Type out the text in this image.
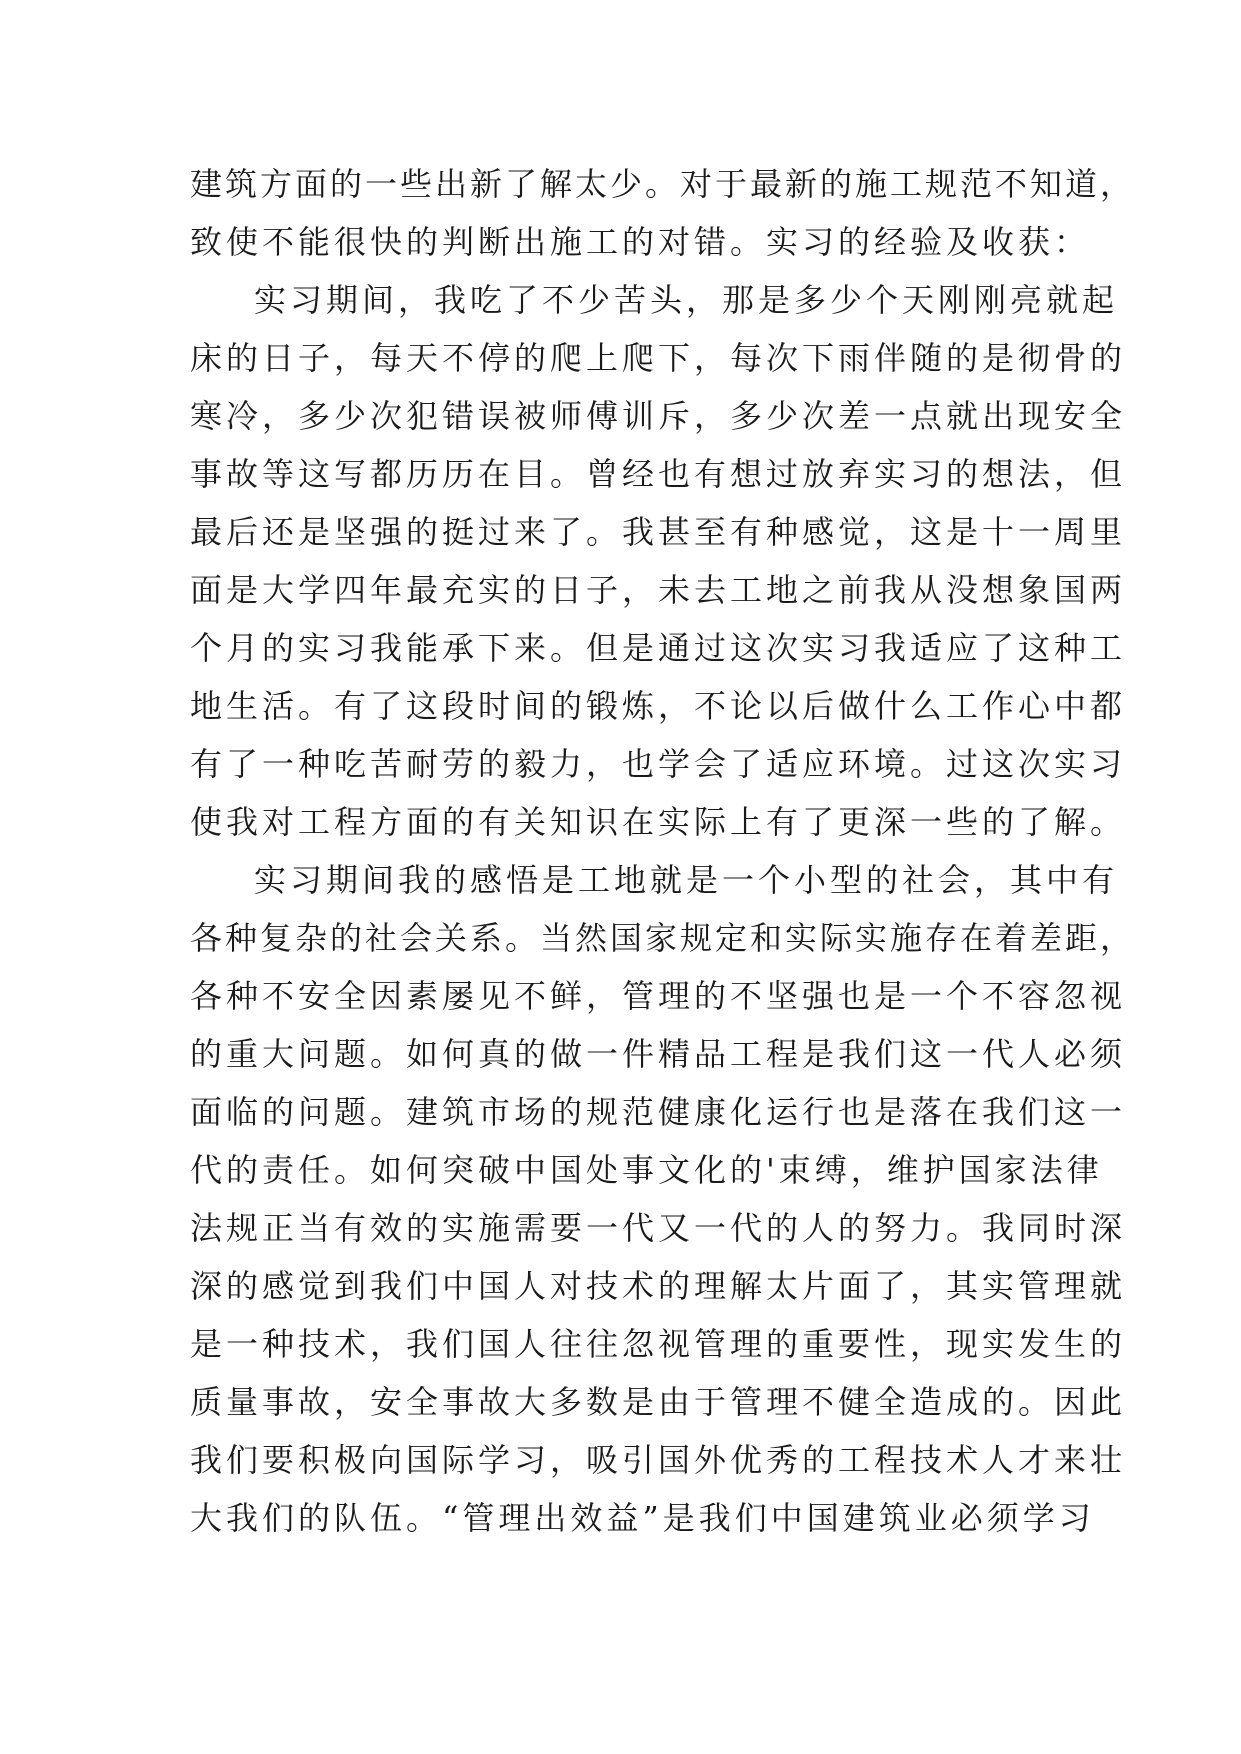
建筑方面的一些出新了解太少。对于最新的施工规范不知道，
致使不能很快的判断出施工的对错。实习的经验及收获：
实习期间，我吃了不少苦头，那是多少个天刚刚亮就起
床的日子，每天不停的爬上爬下，每次下雨伴随的是彻骨的
寒冷，多少次犯错误被师傅训斥，多少次差一点就出现安全
事故等这写都历历在目。曾经也有想过放弃实习的想法，但
最后还是坚强的挺过来了。我甚至有种感觉，这是十一周里
面是大学四年最充实的日子，未去工地之前我从没想象国两
个月的实习我能承下来。但是通过这次实习我适应了这种工
地生活。有了这段时间的锻炼，不论以后做什么工作心中都
有了一种吃苦耐劳的毅力，也学会了适应环境。过这次实习
使我对工程方面的有关知识在实际上有了更深一些的了解。
实习期间我的感悟是工地就是一个小型的社会，其中有
各种复杂的社会关系。当然国家规定和实际实施存在着差距，
各种不安全因素屡见不鲜，管理的不坚强也是一个不容忽视
的重大问题。如何真的做一件精品工程是我们这一代人必须
面临的问题。建筑市场的规范健康化运行也是落在我们这一
代的责任。如何突破中国处事文化的'束缚，维护国家法律
法规正当有效的实施需要一代又一代的人的努力。我同时深
深的感觉到我们中国人对技术的理解太片面了，其实管理就
是一种技术，我们国人往往忽视管理的重要性，现实发生的
质量事故，安全事故大多数是由于管理不健全造成的。因此
我们要积极向国际学习，吸引国外优秀的工程技术人才来壮
大我们的队伍。“管理出效益”是我们中国建筑业必须学习
